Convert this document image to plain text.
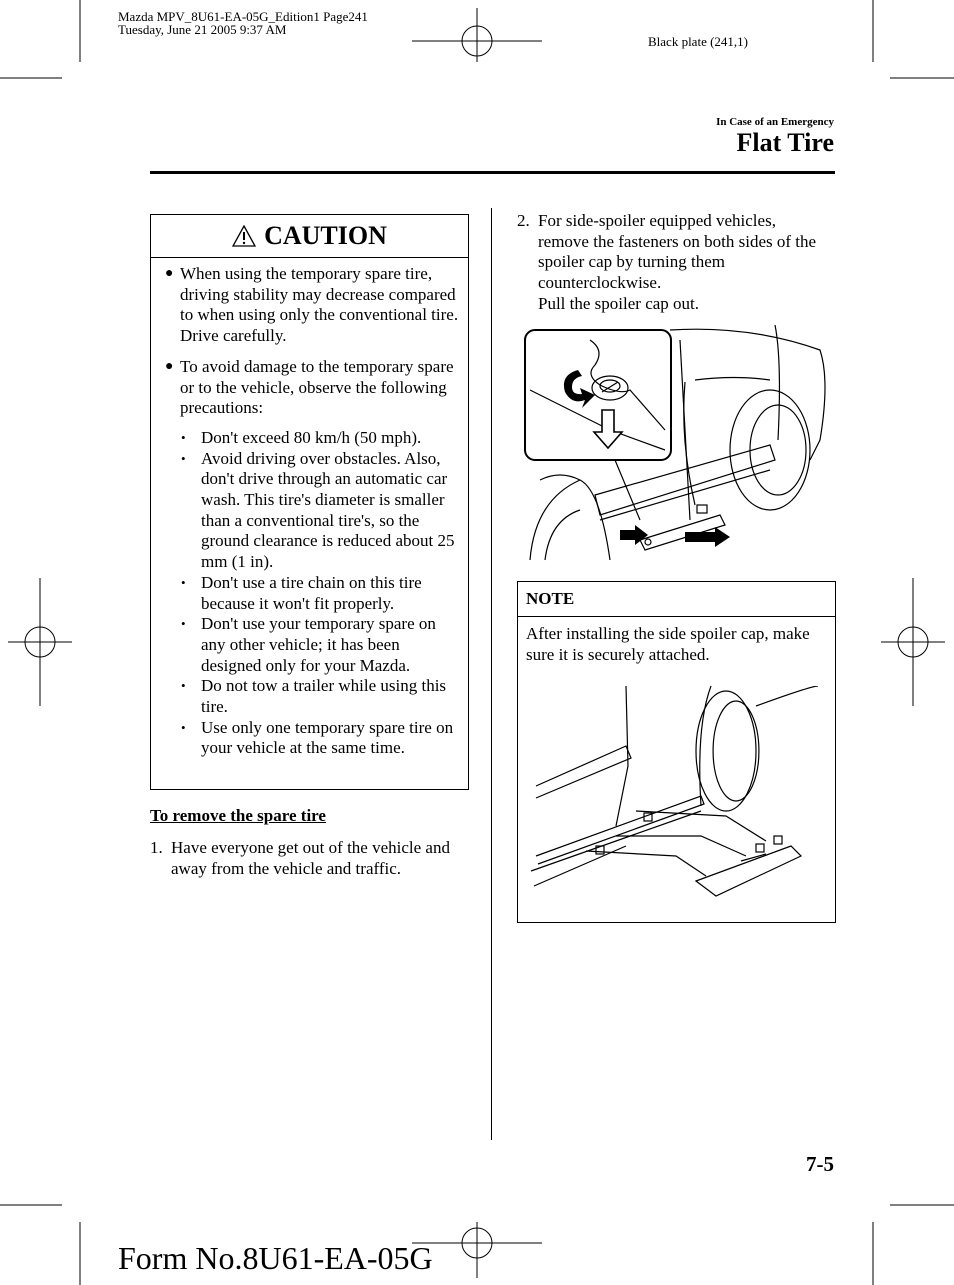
Mazda MPV_8U61-EA-05G_Edition1 Page241
Tuesday, June 21 2005 9:37 AM
Black plate (241,1)
In Case of an Emergency
Flat Tire
CAUTION
● When using the temporary spare tire, driving stability may decrease compared to when using only the conventional tire. Drive carefully.
● To avoid damage to the temporary spare or to the vehicle, observe the following precautions:
• Don't exceed 80 km/h (50 mph).
• Avoid driving over obstacles. Also, don't drive through an automatic car wash. This tire's diameter is smaller than a conventional tire's, so the ground clearance is reduced about 25 mm (1 in).
• Don't use a tire chain on this tire because it won't fit properly.
• Don't use your temporary spare on any other vehicle; it has been designed only for your Mazda.
• Do not tow a trailer while using this tire.
• Use only one temporary spare tire on your vehicle at the same time.
To remove the spare tire
1. Have everyone get out of the vehicle and away from the vehicle and traffic.
2. For side-spoiler equipped vehicles, remove the fasteners on both sides of the spoiler cap by turning them counterclockwise.
Pull the spoiler cap out.
NOTE
After installing the side spoiler cap, make sure it is securely attached.
7-5
Form No.8U61-EA-05G
